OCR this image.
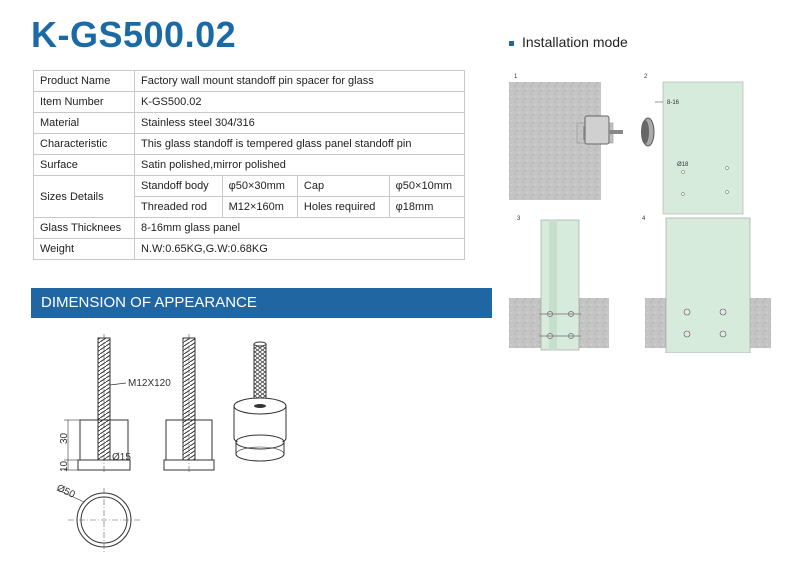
K-GS500.02
Product Name	Factory wall mount standoff pin spacer for glass			
Item Number	K-GS500.02			
Material	Stainless steel 304/316			
Characteristic	This glass standoff is tempered glass panel standoff pin			
Surface	Satin polished,mirror polished			
Sizes Details	Standoff body	φ50×30mm	Cap	φ50×10mm
	Threaded rod	M12×160m	Holes required	φ18mm
Glass Thicknees	8-16mm glass panel			
Weight	N.W:0.65KG,G.W:0.68KG			
DIMENSION OF APPEARANCE
M12X120
30
10
Ø15
Ø50
Installation mode
1	2
8-16
Ø18
3	4
